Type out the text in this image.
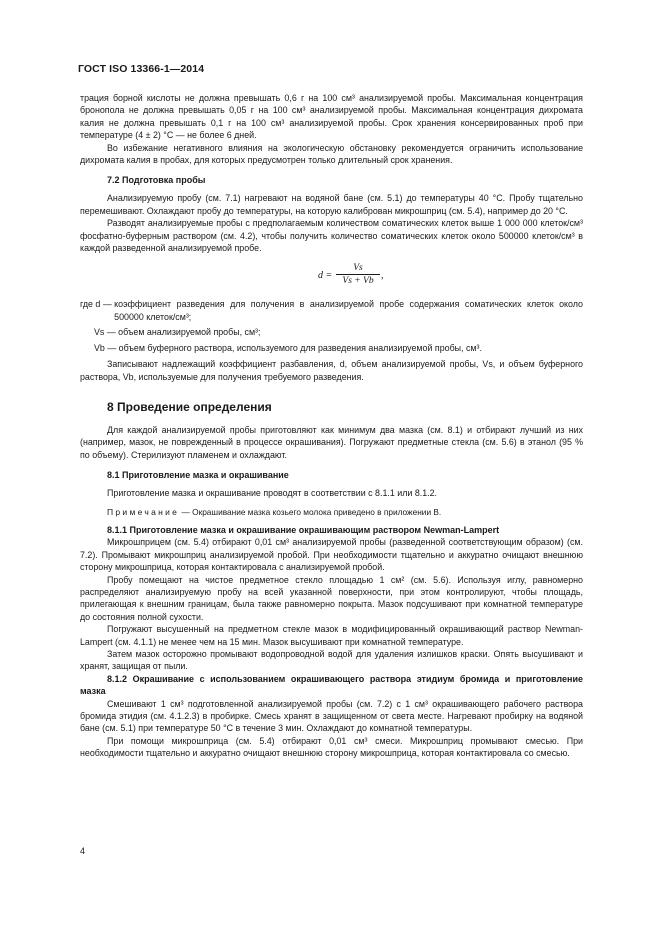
ГОСТ ISO 13366-1—2014

трация борной кислоты не должна превышать 0,6 г на 100 см³ анализируемой пробы. Максимальная концентрация бронопола не должна превышать 0,05 г на 100 см³ анализируемой пробы. Максимальная концентрация дихромата калия не должна превышать 0,1 г на 100 см³ анализируемой пробы. Срок хранения консервированных проб при температуре (4 ± 2) °С — не более 6 дней.

Во избежание негативного влияния на экологическую обстановку рекомендуется ограничить использование дихромата калия в пробах, для которых предусмотрен только длительный срок хранения.

7.2 Подготовка пробы

Анализируемую пробу (см. 7.1) нагревают на водяной бане (см. 5.1) до температуры 40 °С. Пробу тщательно перемешивают. Охлаждают пробу до температуры, на которую калиброван микрошприц (см. 5.4), например до 20 °С.

Разводят анализируемые пробы с предполагаемым количеством соматических клеток выше 1 000 000 клеток/см³ фосфатно-буферным раствором (см. 4.2), чтобы получить количество соматических клеток около 500000 клеток/см³ в каждой разведенной анализируемой пробе.

$d = \frac{Vs}{Vs + Vb}$ ,
где d — коэффициент разведения для получения в анализируемой пробе содержания соматических клеток около 500000 клеток/см³;

Vs — объем анализируемой пробы, см³;

Vb — объем буферного раствора, используемого для разведения анализируемой пробы, см³.

Записывают надлежащий коэффициент разбавления, d, объем анализируемой пробы, Vs, и объем буферного раствора, Vb, используемые для получения требуемого разведения.

8 Проведение определения

Для каждой анализируемой пробы приготовляют как минимум два мазка (см. 8.1) и отбирают лучший из них (например, мазок, не поврежденный в процессе окрашивания). Погружают предметные стекла (см. 5.6) в этанол (95 % по объему). Стерилизуют пламенем и охлаждают.

8.1 Приготовление мазка и окрашивание

Приготовление мазка и окрашивание проводят в соответствии с 8.1.1 или 8.1.2.

Примечание — Окрашивание мазка козьего молока приведено в приложении В.

8.1.1 Приготовление мазка и окрашивание окрашивающим раствором Newman-Lampert

Микрошприцем (см. 5.4) отбирают 0,01 см³ анализируемой пробы (разведенной соответствующим образом) (см. 7.2). Промывают микрошприц анализируемой пробой. При необходимости тщательно и аккуратно очищают внешнюю сторону микрошприца, которая контактировала с анализируемой пробой.

Пробу помещают на чистое предметное стекло площадью 1 см² (см. 5.6). Используя иглу, равномерно распределяют анализируемую пробу на всей указанной поверхности, при этом контролируют, чтобы площадь, прилегающая к внешним границам, была также равномерно покрыта. Мазок подсушивают при комнатной температуре до состояния полной сухости.

Погружают высушенный на предметном стекле мазок в модифицированный окрашивающий раствор Newman-Lampert (см. 4.1.1) не менее чем на 15 мин. Мазок высушивают при комнатной температуре.

Затем мазок осторожно промывают водопроводной водой для удаления излишков краски. Опять высушивают и хранят, защищая от пыли.

8.1.2 Окрашивание с использованием окрашивающего раствора этидиум бромида и приготовление мазка

Смешивают 1 см³ подготовленной анализируемой пробы (см. 7.2) с 1 см³ окрашивающего рабочего раствора бромида этидия (см. 4.1.2.3) в пробирке. Смесь хранят в защищенном от света месте. Нагревают пробирку на водяной бане (см. 5.1) при температуре 50 °С в течение 3 мин. Охлаждают до комнатной температуры.

При помощи микрошприца (см. 5.4) отбирают 0,01 см³ смеси. Микрошприц промывают смесью. При необходимости тщательно и аккуратно очищают внешнюю сторону микрошприца, которая контактировала со смесью.

4
